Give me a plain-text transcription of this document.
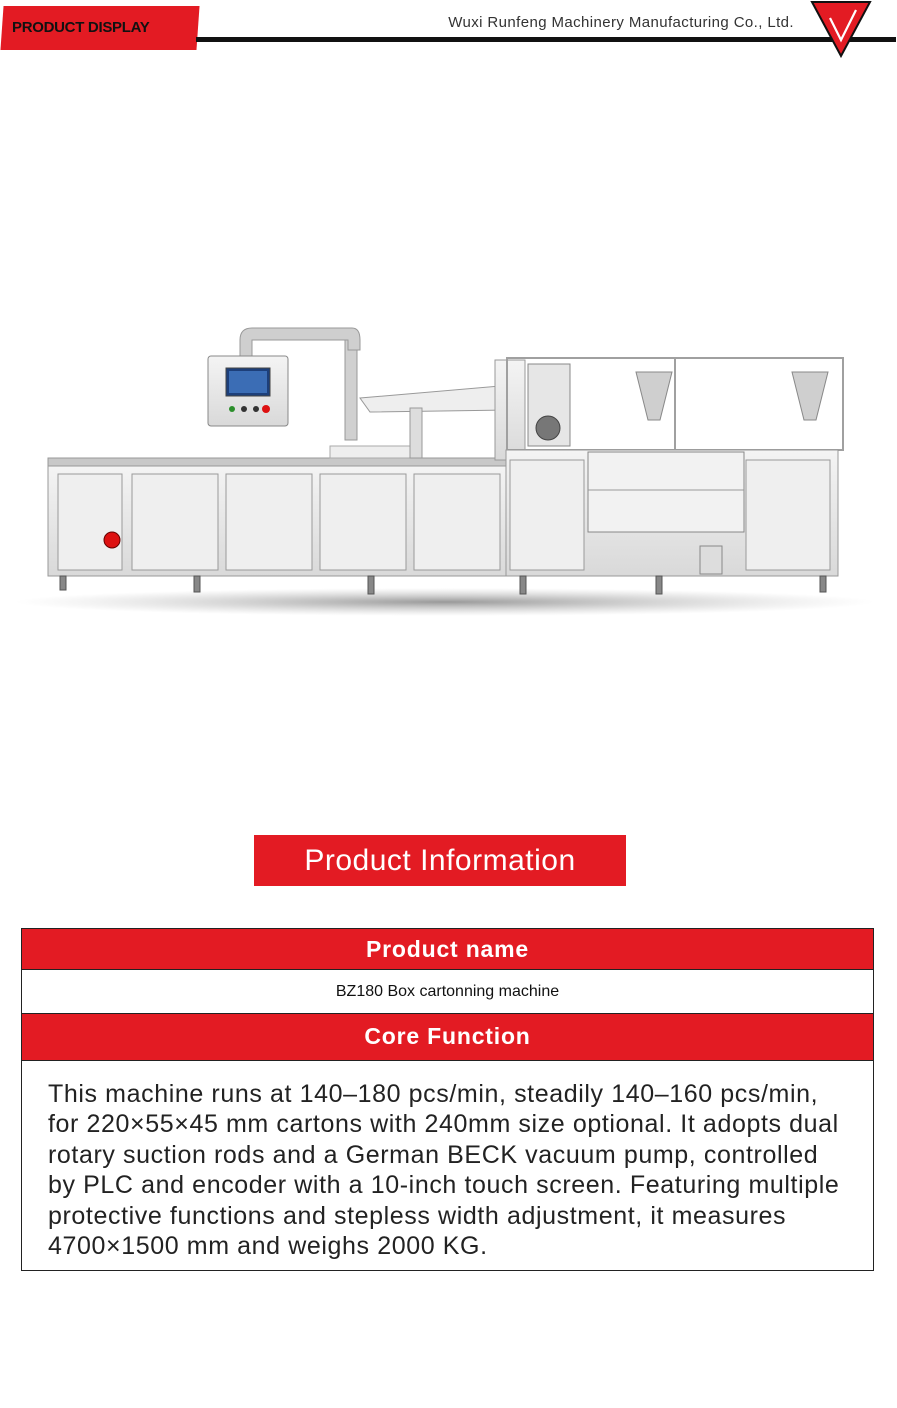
PRODUCT DISPLAY	Wuxi Runfeng Machinery Manufacturing Co., Ltd.
Product Information
Product name
BZ180 Box cartonning machine
Core Function
This machine runs at 140–180 pcs/min, steadily 140–160 pcs/min, for 220×55×45 mm cartons with 240mm size optional. It adopts dual rotary suction rods and a German BECK vacuum pump, controlled by PLC and encoder with a 10-inch touch screen. Featuring multiple protective functions and stepless width adjustment, it measures 4700×1500 mm and weighs 2000 KG.
